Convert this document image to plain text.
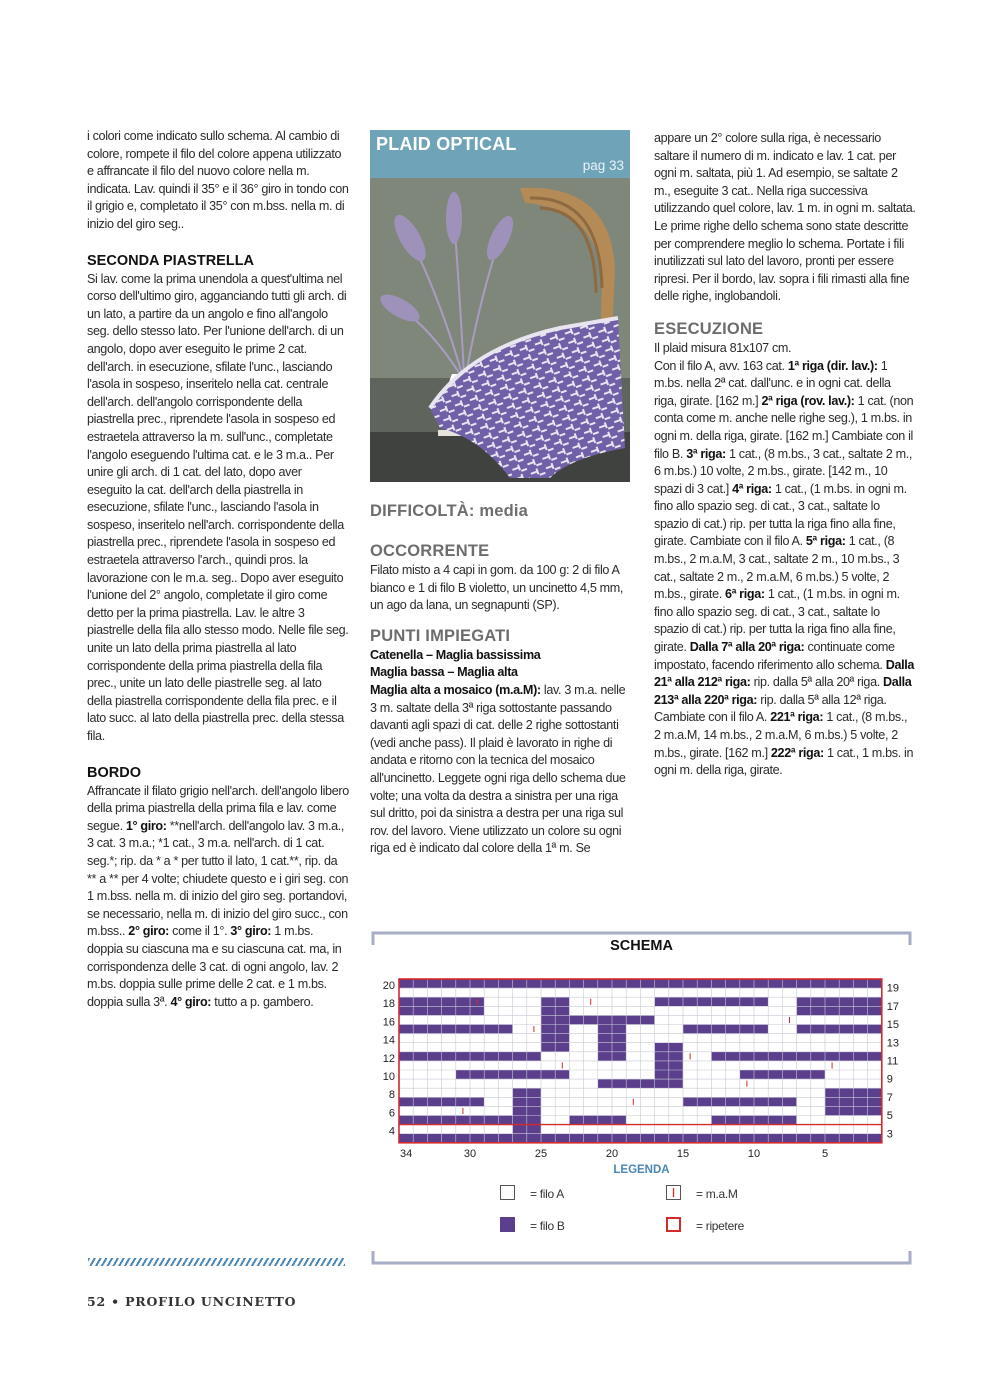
i colori come indicato sullo schema. Al cambio di colore, rompete il filo del colore appena utilizzato e affrancate il filo del nuovo colore nella m. indicata. Lav. quindi il 35° e il 36° giro in tondo con il grigio e, completato il 35° con m.bss. nella m. di inizio del giro seg..

SECONDA PIASTRELLA

Si lav. come la prima unendola a quest'ultima nel corso dell'ultimo giro, agganciando tutti gli arch. di un lato, a partire da un angolo e fino all'angolo seg. dello stesso lato. Per l'unione dell'arch. di un angolo, dopo aver eseguito le prime 2 cat. dell'arch. in esecuzione, sfilate l'unc., lasciando l'asola in sospeso, inseritelo nella cat. centrale dell'arch. dell'angolo corrispondente della piastrella prec., riprendete l'asola in sospeso ed estraetela attraverso la m. sull'unc., completate l'angolo eseguendo l'ultima cat. e le 3 m.a.. Per unire gli arch. di 1 cat. del lato, dopo aver eseguito la cat. dell'arch della piastrella in esecuzione, sfilate l'unc., lasciando l'asola in sospeso, inseritelo nell'arch. corrispondente della piastrella prec., riprendete l'asola in sospeso ed estraetela attraverso l'arch., quindi pros. la lavorazione con le m.a. seg.. Dopo aver eseguito l'unione del 2° angolo, completate il giro come detto per la prima piastrella. Lav. le altre 3 piastrelle della fila allo stesso modo. Nelle file seg. unite un lato della prima piastrella al lato corrispondente della prima piastrella della fila prec., unite un lato delle piastrelle seg. al lato della piastrella corrispondente della fila prec. e il lato succ. al lato della piastrella prec. della stessa fila.

BORDO

Affrancate il filato grigio nell'arch. dell'angolo libero della prima piastrella della prima fila e lav. come segue. 1° giro: **nell'arch. dell'angolo lav. 3 m.a., 3 cat. 3 m.a.; *1 cat., 3 m.a. nell'arch. di 1 cat. seg.*; rip. da * a * per tutto il lato, 1 cat.**, rip. da ** a ** per 4 volte; chiudete questo e i giri seg. con 1 m.bss. nella m. di inizio del giro seg. portandovi, se necessario, nella m. di inizio del giro succ., con m.bss.. 2° giro: come il 1°. 3° giro: 1 m.bs. doppia su ciascuna ma e su ciascuna cat. ma, in corrispondenza delle 3 cat. di ogni angolo, lav. 2 m.bs. doppia sulle prime delle 2 cat. e 1 m.bs. doppia sulla 3ª. 4° giro: tutto a p. gambero.

PLAID OPTICAL
pag 33
DIFFICOLTÀ: media
OCCORRENTE

Filato misto a 4 capi in gom. da 100 g: 2 di filo A bianco e 1 di filo B violetto, un uncinetto 4,5 mm, un ago da lana, un segnapunti (SP).

PUNTI IMPIEGATI

Catenella – Maglia bassissima

Maglia bassa – Maglia alta

Maglia alta a mosaico (m.a.M): lav. 3 m.a. nelle 3 m. saltate della 3ª riga sottostante passando davanti agli spazi di cat. delle 2 righe sottostanti (vedi anche pass). Il plaid è lavorato in righe di andata e ritorno con la tecnica del mosaico all'uncinetto. Leggete ogni riga dello schema due volte; una volta da destra a sinistra per una riga sul dritto, poi da sinistra a destra per una riga sul rov. del lavoro. Viene utilizzato un colore su ogni riga ed è indicato dal colore della 1ª m. Se

appare un 2° colore sulla riga, è necessario saltare il numero di m. indicato e lav. 1 cat. per ogni m. saltata, più 1. Ad esempio, se saltate 2 m., eseguite 3 cat.. Nella riga successiva utilizzando quel colore, lav. 1 m. in ogni m. saltata. Le prime righe dello schema sono state descritte per comprendere meglio lo schema. Portate i fili inutilizzati sul lato del lavoro, pronti per essere ripresi. Per il bordo, lav. sopra i fili rimasti alla fine delle righe, inglobandoli.

ESECUZIONE

Il plaid misura 81x107 cm.

Con il filo A, avv. 163 cat. 1ª riga (dir. lav.): 1 m.bs. nella 2ª cat. dall'unc. e in ogni cat. della riga, girate. [162 m.] 2ª riga (rov. lav.): 1 cat. (non conta come m. anche nelle righe seg.), 1 m.bs. in ogni m. della riga, girate. [162 m.] Cambiate con il filo B. 3ª riga: 1 cat., (8 m.bs., 3 cat., saltate 2 m., 6 m.bs.) 10 volte, 2 m.bs., girate. [142 m., 10 spazi di 3 cat.] 4ª riga: 1 cat., (1 m.bs. in ogni m. fino allo spazio seg. di cat., 3 cat., saltate lo spazio di cat.) rip. per tutta la riga fino alla fine, girate. Cambiate con il filo A. 5ª riga: 1 cat., (8 m.bs., 2 m.a.M, 3 cat., saltate 2 m., 10 m.bs., 3 cat., saltate 2 m., 2 m.a.M, 6 m.bs.) 5 volte, 2 m.bs., girate. 6ª riga: 1 cat., (1 m.bs. in ogni m. fino allo spazio seg. di cat., 3 cat., saltate lo spazio di cat.) rip. per tutta la riga fino alla fine, girate. Dalla 7ª alla 20ª riga: continuate come impostato, facendo riferimento allo schema. Dalla 21ª alla 212ª riga: rip. dalla 5ª alla 20ª riga. Dalla 213ª alla 220ª riga: rip. dalla 5ª alla 12ª riga. Cambiate con il filo A. 221ª riga: 1 cat., (8 m.bs., 2 m.a.M, 14 m.bs., 2 m.a.M, 6 m.bs.) 5 volte, 2 m.bs., girate. [162 m.] 222ª riga: 1 cat., 1 m.bs. in ogni m. della riga, girate.

SCHEMA
20
18
16
14
12
10
8
6
4
19
17
15
13
11
9
7
5
3
34	30	25	20	15	10	5
LEGENDA
= filo A
= filo B
= m.a.M
= ripetere
52 • PROFILO UNCINETTO
